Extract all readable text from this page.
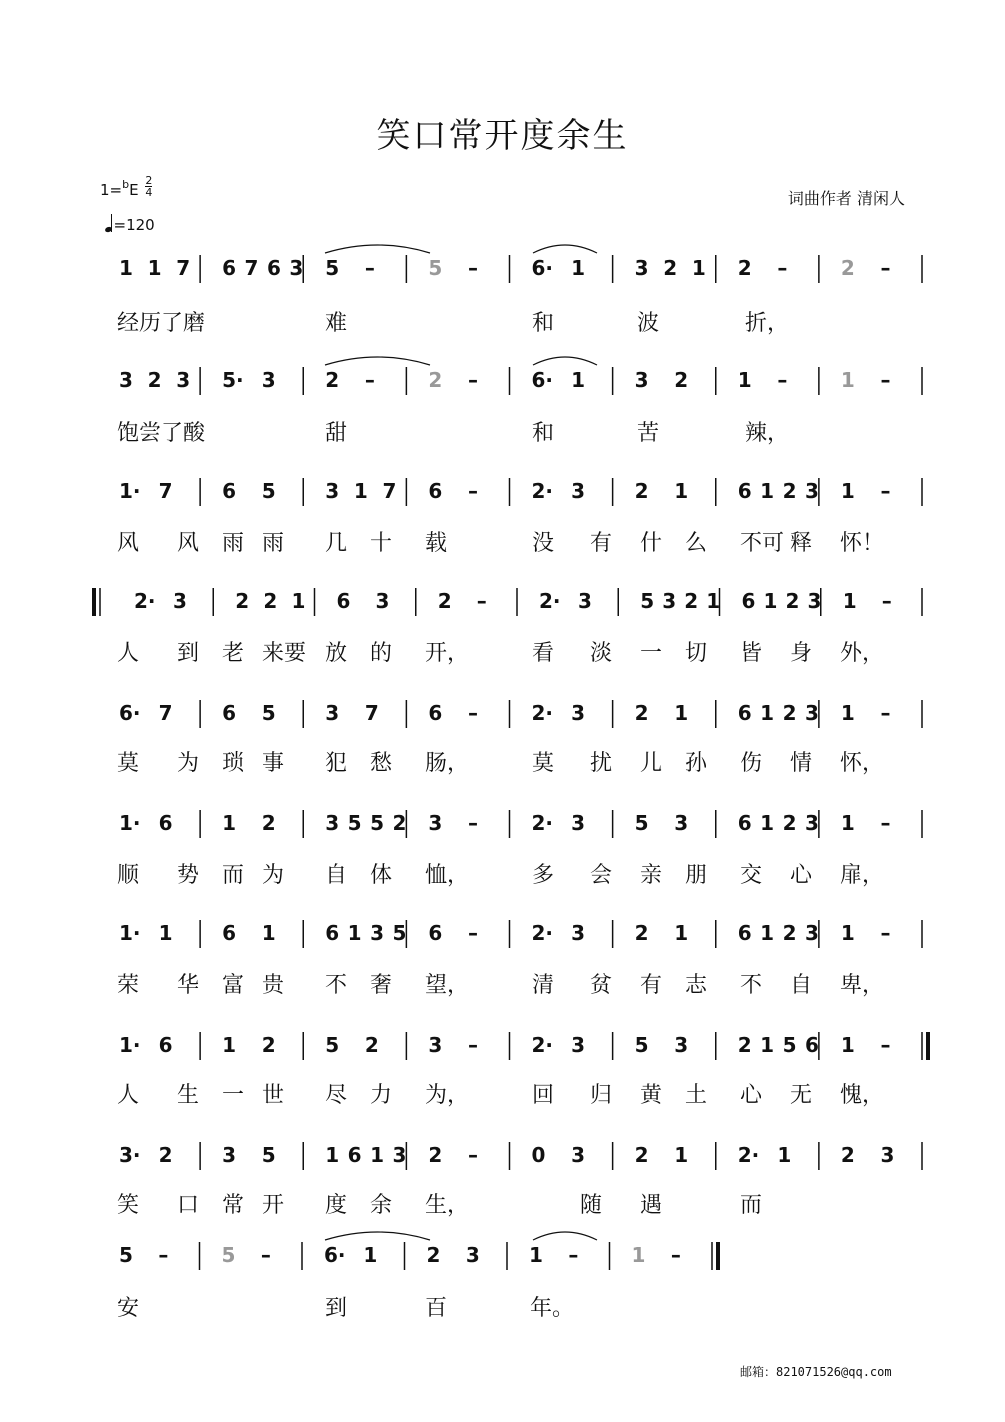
笑口常开度余生
$1=^bE \frac{2}{4}$
=120
词曲作者 清闲人
1 1 7 6 7 6 3 5 –	5 –	6· 1 3 2 1 2 –	2 –
3 2 3 5· 3 2 –	2 –	6· 1 3 2 1 –	1 –
1· 7 6 5 3 1 7 6 –	2· 3 2 1 6 1 2 3 1 –
2· 3 2 2 1 6 3 2 –	2· 3 5 3 2 1 6 1 2 3 1 –
6· 7 6 5 3 7 6 –	2· 3 2 1 6 1 2 3 1 –
1· 6 1 2 3 5 5 2 3 –	2· 3 5 3 6 1 2 3 1 –
1· 1 6 1 6 1 3 5 6 –	2· 3 2 1 6 1 2 3 1 –
1· 6 1 2 5 2 3 –	2· 3 5 3 2 1 5 6 1 –
3· 2 3 5 1 6 1 3 2 –	0 3 2 1 2· 1 2 3
5 –	5 –	6· 1 2 3 1 –	1 –
经历了磨	难	和	波	折，
饱尝了酸	甜	和	苦	辣，
风 风 雨 雨 几 十 载	没 有 什 么 不可 释 怀！
人 到 老 来要 放 的 开，	看 淡 一 切 皆 身 外，
莫 为 琐 事 犯 愁 肠，	莫 扰 儿 孙 伤 情 怀，
顺 势 而 为 自 体 恤，	多 会 亲 朋 交 心 扉，
荣 华 富 贵 不 奢 望，	清 贫 有 志 不 自 卑，
人 生 一 世 尽 力 为，	回 归 黄 土 心 无 愧，
笑 口 常 开 度 余 生，	随 遇	而
安	到	百	年。
邮箱：821071526@qq.com
